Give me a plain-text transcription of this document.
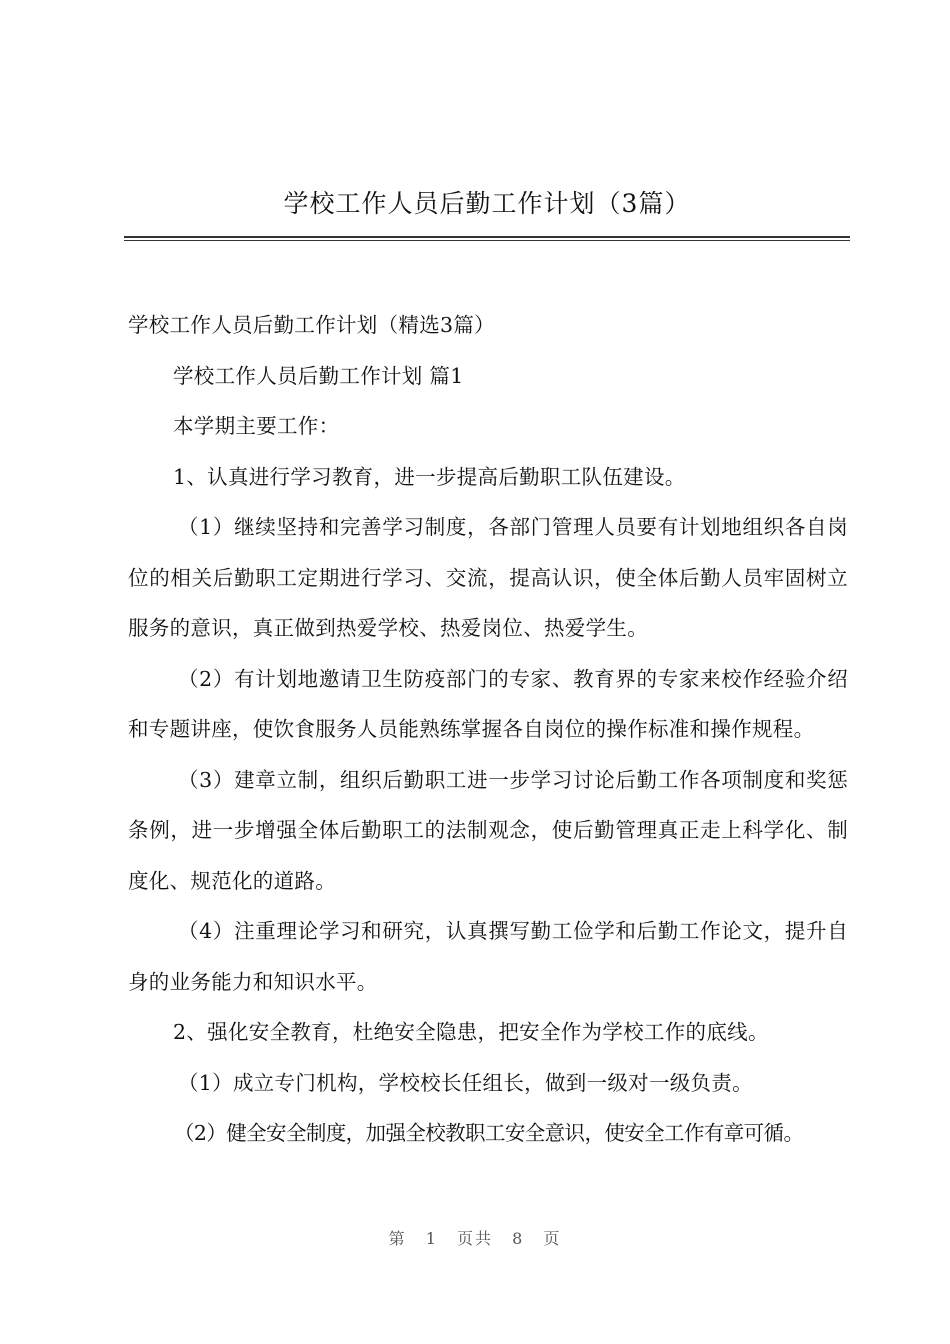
学校工作人员后勤工作计划（3篇）

学校工作人员后勤工作计划（精选3篇）

学校工作人员后勤工作计划 篇1

本学期主要工作：

1、认真进行学习教育，进一步提高后勤职工队伍建设。

（1）继续坚持和完善学习制度，各部门管理人员要有计划地组织各自岗位的相关后勤职工定期进行学习、交流，提高认识，使全体后勤人员牢固树立服务的意识，真正做到热爱学校、热爱岗位、热爱学生。

（2）有计划地邀请卫生防疫部门的专家、教育界的专家来校作经验介绍和专题讲座，使饮食服务人员能熟练掌握各自岗位的操作标准和操作规程。

（3）建章立制，组织后勤职工进一步学习讨论后勤工作各项制度和奖惩条例，进一步增强全体后勤职工的法制观念，使后勤管理真正走上科学化、制度化、规范化的道路。

（4）注重理论学习和研究，认真撰写勤工俭学和后勤工作论文，提升自身的业务能力和知识水平。

2、强化安全教育，杜绝安全隐患，把安全作为学校工作的底线。

（1）成立专门机构，学校校长任组长，做到一级对一级负责。

（2）健全安全制度，加强全校教职工安全意识，使安全工作有章可循。

第 1 页共 8 页
